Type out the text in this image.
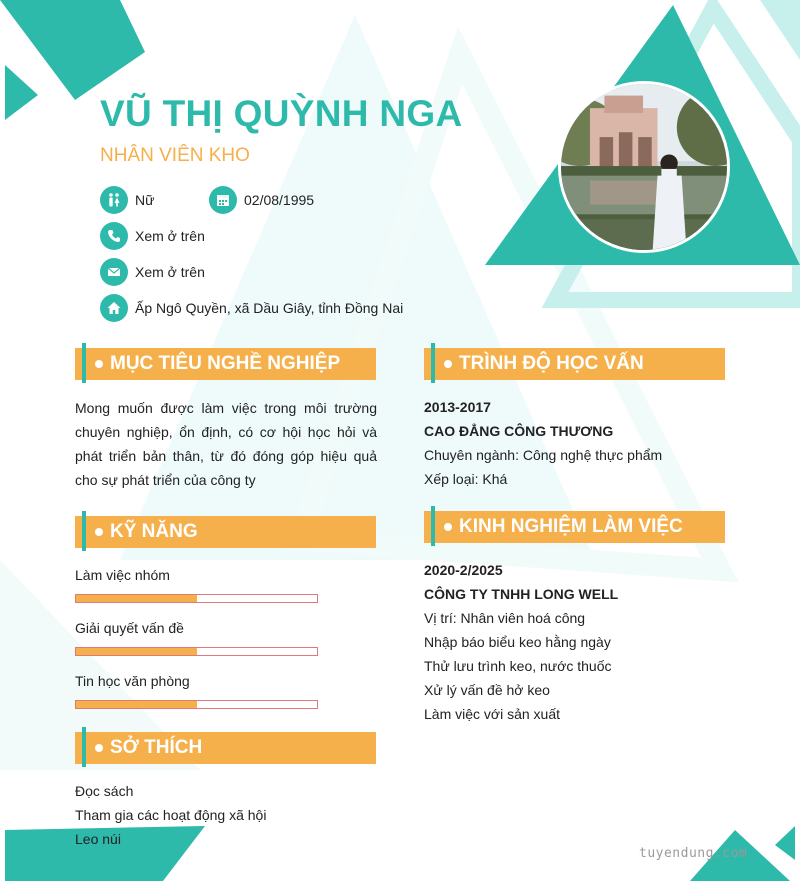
VŨ THỊ QUỲNH NGA
NHÂN VIÊN KHO
Nữ	02/08/1995
Xem ở trên
Xem ở trên
Ấp Ngô Quyền, xã Dầu Giây, tỉnh Đồng Nai
MỤC TIÊU NGHỀ NGHIỆP
Mong muốn được làm việc trong môi trường chuyên nghiệp, ổn định, có cơ hội học hỏi và phát triển bản thân, từ đó đóng góp hiệu quả cho sự phát triển của công ty
KỸ NĂNG
Làm việc nhóm
Giải quyết vấn đề
Tin học văn phòng
SỞ THÍCH
Đọc sách
Tham gia các hoạt động xã hội
Leo núi
TRÌNH ĐỘ HỌC VẤN
2013-2017
CAO ĐẲNG CÔNG THƯƠNG
Chuyên ngành: Công nghệ thực phẩm
Xếp loại: Khá
KINH NGHIỆM LÀM VIỆC
2020-2/2025
CÔNG TY TNHH LONG WELL
Vị trí: Nhân viên hoá công
Nhập báo biểu keo hằng ngày
Thử lưu trình keo, nước thuốc
Xử lý vấn đề hở keo
Làm việc với sản xuất
tuyendung.com
